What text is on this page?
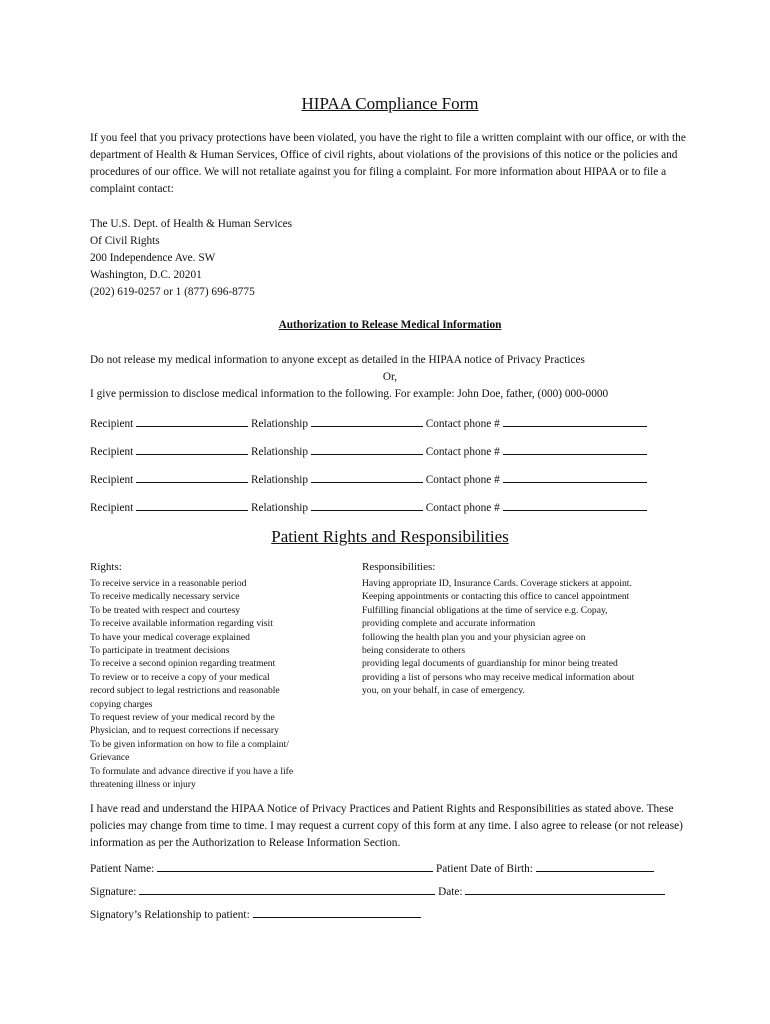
HIPAA Compliance Form

If you feel that you privacy protections have been violated, you have the right to file a written complaint with our office, or with the department of Health & Human Services, Office of civil rights, about violations of the provisions of this notice or the policies and procedures of our office. We will not retaliate against you for filing a complaint. For more information about HIPAA or to file a complaint contact:

The U.S. Dept. of Health & Human Services
Of Civil Rights
200 Independence Ave. SW
Washington, D.C. 20201
(202) 619-0257 or 1 (877) 696-8775
Authorization to Release Medical Information
Do not release my medical information to anyone except as detailed in the HIPAA notice of Privacy Practices
Or,
I give permission to disclose medical information to the following. For example: John Doe, father, (000) 000-0000
Recipient	Relationship	Contact phone #
Recipient	Relationship	Contact phone #
Recipient	Relationship	Contact phone #
Recipient	Relationship	Contact phone #
Patient Rights and Responsibilities
Rights:
To receive service in a reasonable period
To receive medically necessary service
To be treated with respect and courtesy
To receive available information regarding visit
To have your medical coverage explained
To participate in treatment decisions
To receive a second opinion regarding treatment
To review or to receive a copy of your medical
record subject to legal restrictions and reasonable
copying charges
To request review of your medical record by the
Physician, and to request corrections if necessary
To be given information on how to file a complaint/
Grievance
To formulate and advance directive if you have a life
threatening illness or injury
Responsibilities:
Having appropriate ID, Insurance Cards. Coverage stickers at appoint.
Keeping appointments or contacting this office to cancel appointment
Fulfilling financial obligations at the time of service e.g. Copay,
providing complete and accurate information
following the health plan you and your physician agree on
being considerate to others
providing legal documents of guardianship for minor being treated
providing a list of persons who may receive medical information about
you, on your behalf, in case of emergency.

I have read and understand the HIPAA Notice of Privacy Practices and Patient Rights and Responsibilities as stated above. These policies may change from time to time. I may request a current copy of this form at any time. I also agree to release (or not release) information as per the Authorization to Release Information Section.

Patient Name:	Patient Date of Birth:
Signature:	Date:
Signatory’s Relationship to patient:
